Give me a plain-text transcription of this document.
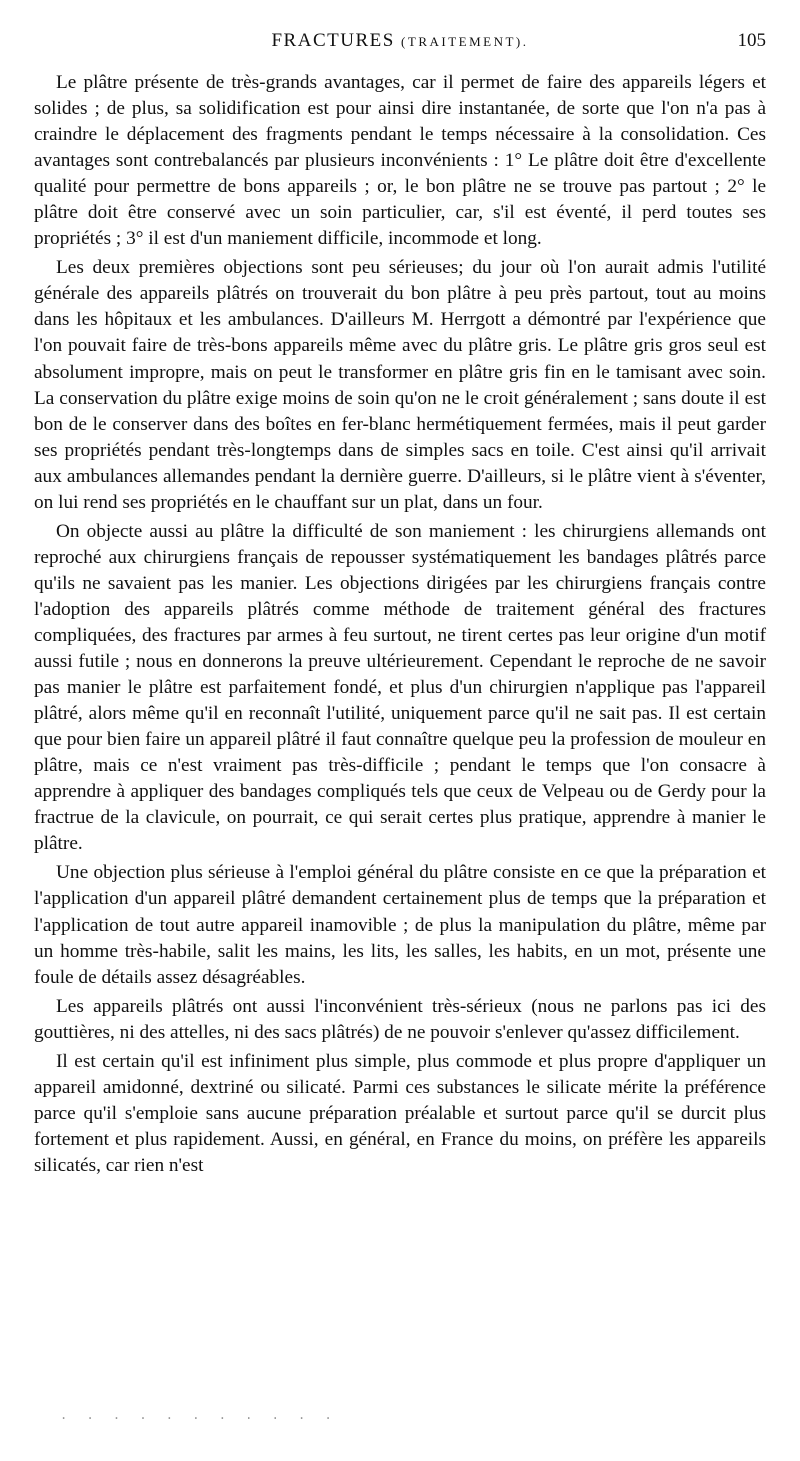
FRACTURES (TRAITEMENT).	105

Le plâtre présente de très-grands avantages, car il permet de faire des appareils légers et solides ; de plus, sa solidification est pour ainsi dire instantanée, de sorte que l'on n'a pas à craindre le déplacement des fragments pendant le temps nécessaire à la consolidation. Ces avantages sont contrebalancés par plusieurs inconvénients : 1° Le plâtre doit être d'excellente qualité pour permettre de bons appareils ; or, le bon plâtre ne se trouve pas partout ; 2° le plâtre doit être conservé avec un soin particulier, car, s'il est éventé, il perd toutes ses propriétés ; 3° il est d'un maniement difficile, incommode et long.

Les deux premières objections sont peu sérieuses; du jour où l'on aurait admis l'utilité générale des appareils plâtrés on trouverait du bon plâtre à peu près partout, tout au moins dans les hôpitaux et les ambulances. D'ailleurs M. Herrgott a démontré par l'expérience que l'on pouvait faire de très-bons appareils même avec du plâtre gris. Le plâtre gris gros seul est absolument impropre, mais on peut le transformer en plâtre gris fin en le tamisant avec soin. La conservation du plâtre exige moins de soin qu'on ne le croit généralement ; sans doute il est bon de le conserver dans des boîtes en fer-blanc hermétiquement fermées, mais il peut garder ses propriétés pendant très-longtemps dans de simples sacs en toile. C'est ainsi qu'il arrivait aux ambulances allemandes pendant la dernière guerre. D'ailleurs, si le plâtre vient à s'éventer, on lui rend ses propriétés en le chauffant sur un plat, dans un four.

On objecte aussi au plâtre la difficulté de son maniement : les chirurgiens allemands ont reproché aux chirurgiens français de repousser systématiquement les bandages plâtrés parce qu'ils ne savaient pas les manier. Les objections dirigées par les chirurgiens français contre l'adoption des appareils plâtrés comme méthode de traitement général des fractures compliquées, des fractures par armes à feu surtout, ne tirent certes pas leur origine d'un motif aussi futile ; nous en donnerons la preuve ultérieurement. Cependant le reproche de ne savoir pas manier le plâtre est parfaitement fondé, et plus d'un chirurgien n'applique pas l'appareil plâtré, alors même qu'il en reconnaît l'utilité, uniquement parce qu'il ne sait pas. Il est certain que pour bien faire un appareil plâtré il faut connaître quelque peu la profession de mouleur en plâtre, mais ce n'est vraiment pas très-difficile ; pendant le temps que l'on consacre à apprendre à appliquer des bandages compliqués tels que ceux de Velpeau ou de Gerdy pour la fractrue de la clavicule, on pourrait, ce qui serait certes plus pratique, apprendre à manier le plâtre.

Une objection plus sérieuse à l'emploi général du plâtre consiste en ce que la préparation et l'application d'un appareil plâtré demandent certainement plus de temps que la préparation et l'application de tout autre appareil inamovible ; de plus la manipulation du plâtre, même par un homme très-habile, salit les mains, les lits, les salles, les habits, en un mot, présente une foule de détails assez désagréables.

Les appareils plâtrés ont aussi l'inconvénient très-sérieux (nous ne parlons pas ici des gouttières, ni des attelles, ni des sacs plâtrés) de ne pouvoir s'enlever qu'assez difficilement.

Il est certain qu'il est infiniment plus simple, plus commode et plus propre d'appliquer un appareil amidonné, dextriné ou silicaté. Parmi ces substances le silicate mérite la préférence parce qu'il s'emploie sans aucune préparation préalable et surtout parce qu'il se durcit plus fortement et plus rapidement. Aussi, en général, en France du moins, on préfère les appareils silicatés, car rien n'est

. . . . . . . . . . .
